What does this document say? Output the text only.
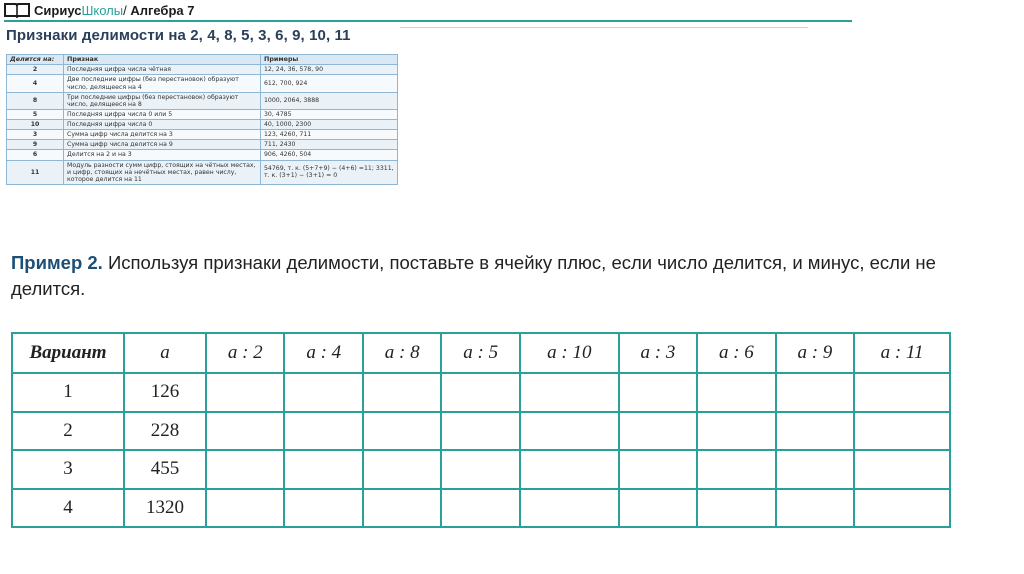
СириусШколы/ Алгебра 7
Признаки делимости на 2, 4, 8, 5, 3, 6, 9, 10, 11
Делится на:	Признак	Примеры
2	Последняя цифра числа чётная	12, 24, 36, 578, 90
4	Две последние цифры (без перестановок) образуют число, делящееся на 4	612, 700, 924
8	Три последние цифры (без перестановок) образуют число, делящееся на 8	1000, 2064, 3888
5	Последняя цифра числа 0 или 5	30, 4785
10	Последняя цифра числа 0	40, 1000, 2300
3	Сумма цифр числа делится на 3	123, 4260, 711
9	Сумма цифр числа делится на 9	711, 2430
6	Делится на 2 и на 3	906, 4260, 504
11	Модуль разности сумм цифр, стоящих на чётных местах, и цифр, стоящих на нечётных местах, равен числу, которое делится на 11	54769, т. к. (5+7+9) − (4+6) =11; 3311, т. к. (3+1) − (3+1) = 0
Пример 2. Используя признаки делимости, поставьте в ячейку плюс, если число делится, и минус, если не делится.
Вариант	a	a : 2	a : 4	a : 8	a : 5	a : 10	a : 3	a : 6	a : 9	a : 11
1	126									
2	228									
3	455									
4	1320									
